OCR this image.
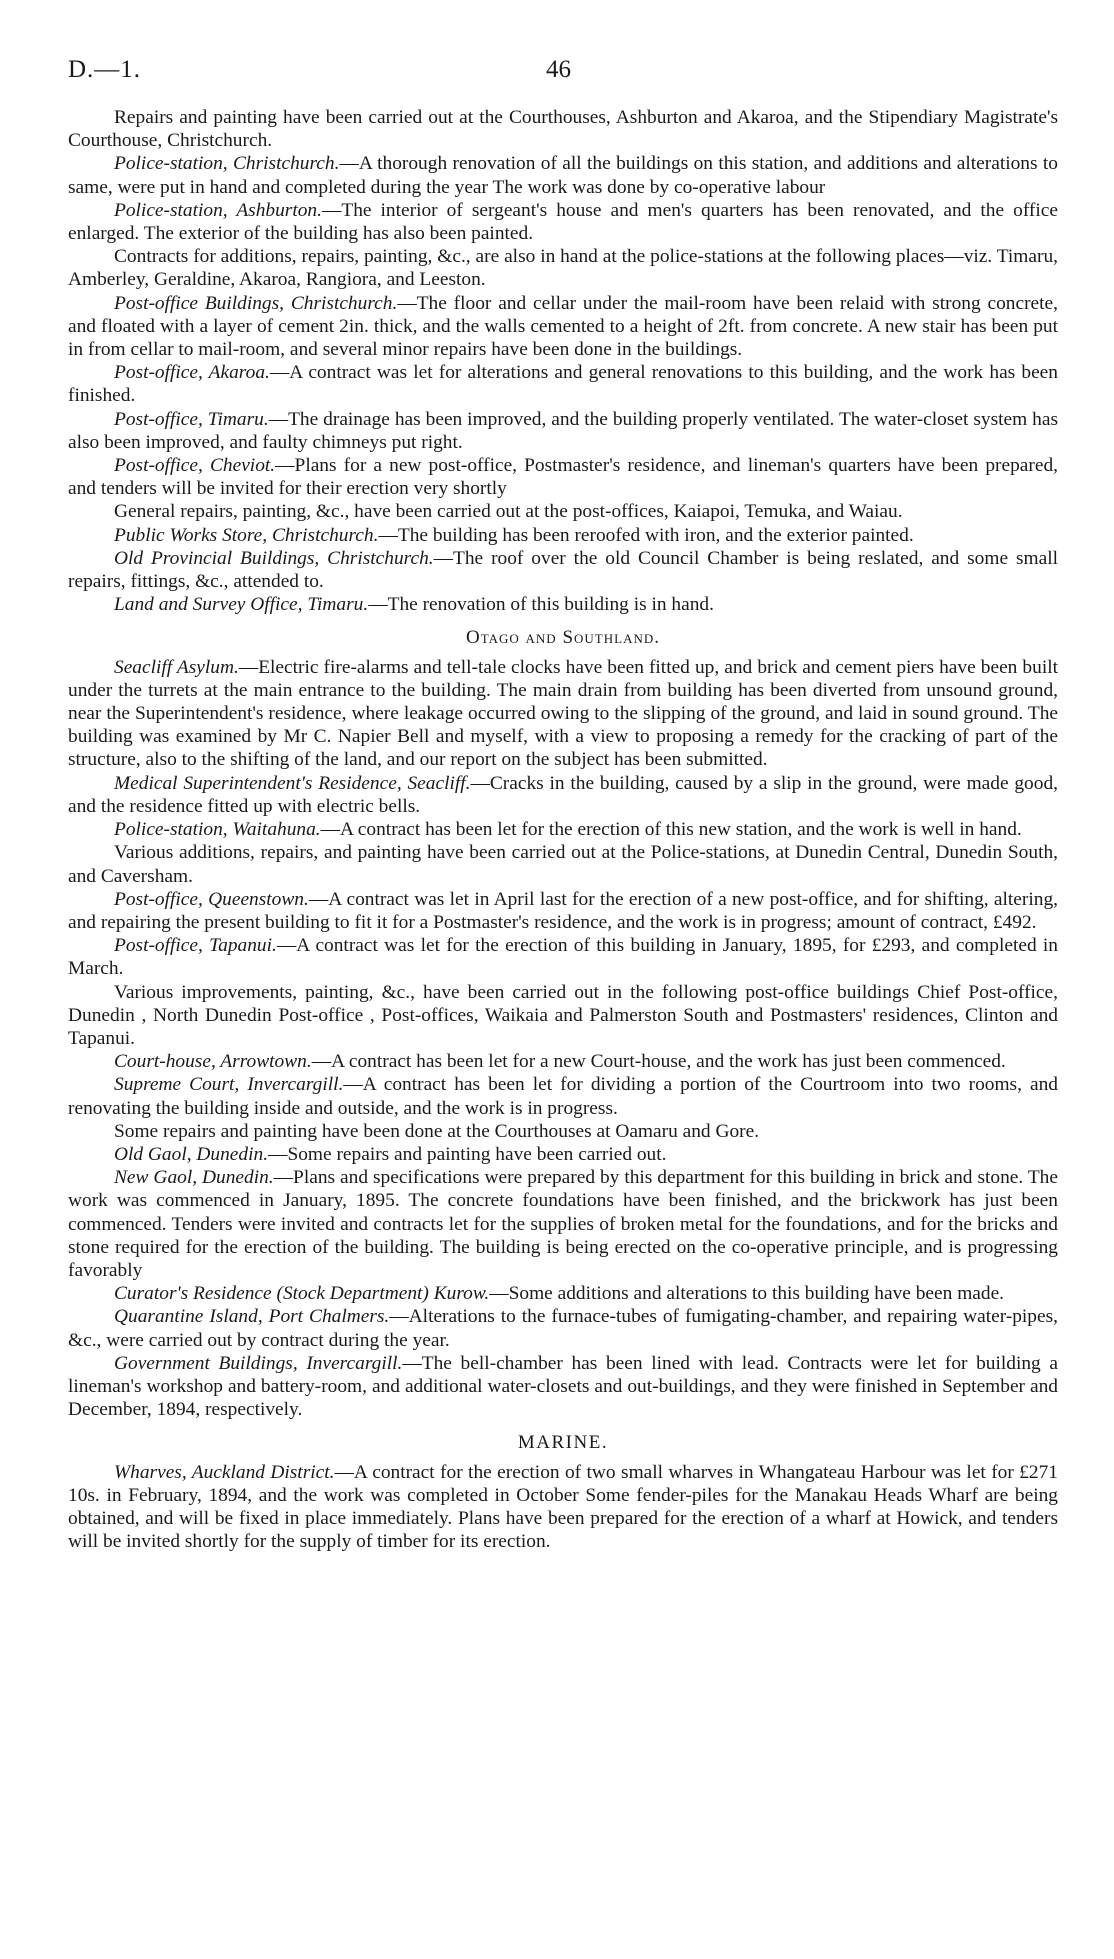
D.—1.	46

Repairs and painting have been carried out at the Courthouses, Ashburton and Akaroa, and the Stipendiary Magistrate's Courthouse, Christchurch.

Police-station, Christchurch.—A thorough renovation of all the buildings on this station, and additions and alterations to same, were put in hand and completed during the year The work was done by co-operative labour

Police-station, Ashburton.—The interior of sergeant's house and men's quarters has been renovated, and the office enlarged. The exterior of the building has also been painted.

Contracts for additions, repairs, painting, &c., are also in hand at the police-stations at the following places—viz. Timaru, Amberley, Geraldine, Akaroa, Rangiora, and Leeston.

Post-office Buildings, Christchurch.—The floor and cellar under the mail-room have been relaid with strong concrete, and floated with a layer of cement 2in. thick, and the walls cemented to a height of 2ft. from concrete. A new stair has been put in from cellar to mail-room, and several minor repairs have been done in the buildings.

Post-office, Akaroa.—A contract was let for alterations and general renovations to this building, and the work has been finished.

Post-office, Timaru.—The drainage has been improved, and the building properly ventilated. The water-closet system has also been improved, and faulty chimneys put right.

Post-office, Cheviot.—Plans for a new post-office, Postmaster's residence, and lineman's quarters have been prepared, and tenders will be invited for their erection very shortly

General repairs, painting, &c., have been carried out at the post-offices, Kaiapoi, Temuka, and Waiau.

Public Works Store, Christchurch.—The building has been reroofed with iron, and the exterior painted.

Old Provincial Buildings, Christchurch.—The roof over the old Council Chamber is being reslated, and some small repairs, fittings, &c., attended to.

Land and Survey Office, Timaru.—The renovation of this building is in hand.

Otago and Southland.

Seacliff Asylum.—Electric fire-alarms and tell-tale clocks have been fitted up, and brick and cement piers have been built under the turrets at the main entrance to the building. The main drain from building has been diverted from unsound ground, near the Superintendent's residence, where leakage occurred owing to the slipping of the ground, and laid in sound ground. The building was examined by Mr C. Napier Bell and myself, with a view to proposing a remedy for the cracking of part of the structure, also to the shifting of the land, and our report on the subject has been submitted.

Medical Superintendent's Residence, Seacliff.—Cracks in the building, caused by a slip in the ground, were made good, and the residence fitted up with electric bells.

Police-station, Waitahuna.—A contract has been let for the erection of this new station, and the work is well in hand.

Various additions, repairs, and painting have been carried out at the Police-stations, at Dunedin Central, Dunedin South, and Caversham.

Post-office, Queenstown.—A contract was let in April last for the erection of a new post-office, and for shifting, altering, and repairing the present building to fit it for a Postmaster's residence, and the work is in progress; amount of contract, £492.

Post-office, Tapanui.—A contract was let for the erection of this building in January, 1895, for £293, and completed in March.

Various improvements, painting, &c., have been carried out in the following post-office buildings Chief Post-office, Dunedin , North Dunedin Post-office , Post-offices, Waikaia and Palmerston South and Postmasters' residences, Clinton and Tapanui.

Court-house, Arrowtown.—A contract has been let for a new Court-house, and the work has just been commenced.

Supreme Court, Invercargill.—A contract has been let for dividing a portion of the Courtroom into two rooms, and renovating the building inside and outside, and the work is in progress.

Some repairs and painting have been done at the Courthouses at Oamaru and Gore.

Old Gaol, Dunedin.—Some repairs and painting have been carried out.

New Gaol, Dunedin.—Plans and specifications were prepared by this department for this building in brick and stone. The work was commenced in January, 1895. The concrete foundations have been finished, and the brickwork has just been commenced. Tenders were invited and contracts let for the supplies of broken metal for the foundations, and for the bricks and stone required for the erection of the building. The building is being erected on the co-operative principle, and is progressing favorably

Curator's Residence (Stock Department) Kurow.—Some additions and alterations to this building have been made.

Quarantine Island, Port Chalmers.—Alterations to the furnace-tubes of fumigating-chamber, and repairing water-pipes, &c., were carried out by contract during the year.

Government Buildings, Invercargill.—The bell-chamber has been lined with lead. Contracts were let for building a lineman's workshop and battery-room, and additional water-closets and out-buildings, and they were finished in September and December, 1894, respectively.

MARINE.

Wharves, Auckland District.—A contract for the erection of two small wharves in Whangateau Harbour was let for £271 10s. in February, 1894, and the work was completed in October Some fender-piles for the Manakau Heads Wharf are being obtained, and will be fixed in place immediately. Plans have been prepared for the erection of a wharf at Howick, and tenders will be invited shortly for the supply of timber for its erection.
